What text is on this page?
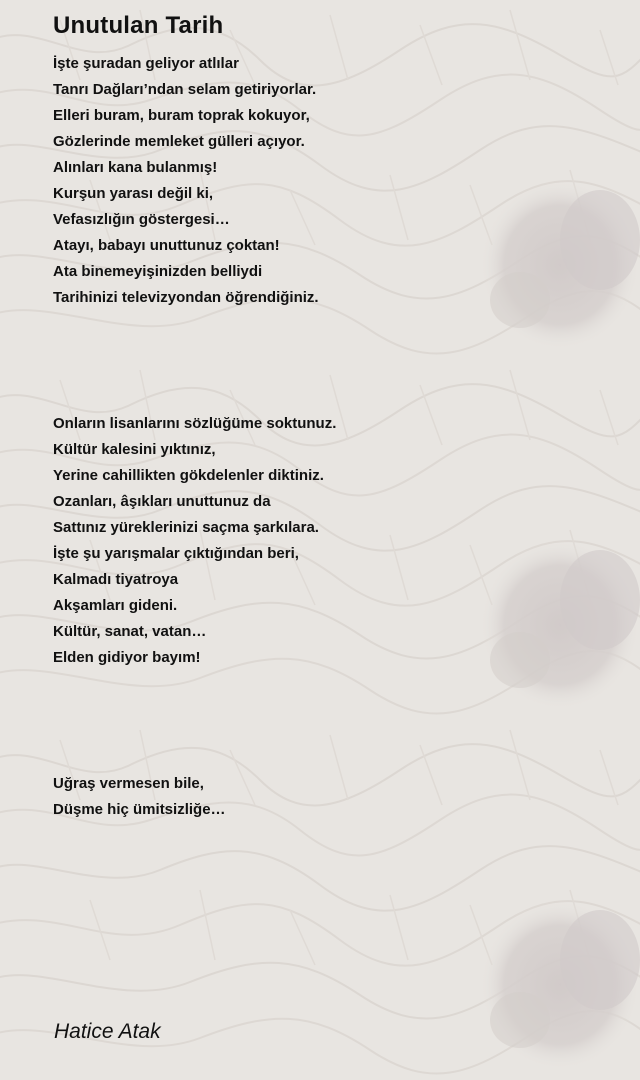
Unutulan Tarih
İşte şuradan geliyor atlılar
Tanrı Dağları’ndan selam getiriyorlar.
Elleri buram, buram toprak kokuyor,
Gözlerinde memleket gülleri açıyor.
Alınları kana bulanmış!
Kurşun yarası değil ki,
Vefasızlığın göstergesi…
Atayı, babayı unuttunuz çoktan!
Ata binemeyişinizden belliydi
Tarihinizi televizyondan öğrendiğiniz.
Onların lisanlarını sözlüğüme soktunuz.
Kültür kalesini yıktınız,
Yerine cahillikten gökdelenler diktiniz.
Ozanları, âşıkları unuttunuz da
Sattınız yüreklerinizi saçma şarkılara.
İşte şu yarışmalar çıktığından beri,
Kalmadı tiyatroya
Akşamları gideni.
Kültür, sanat, vatan…
Elden gidiyor bayım!
Uğraş vermesen bile,
Düşme hiç ümitsizliğe…

Hatice Atak
